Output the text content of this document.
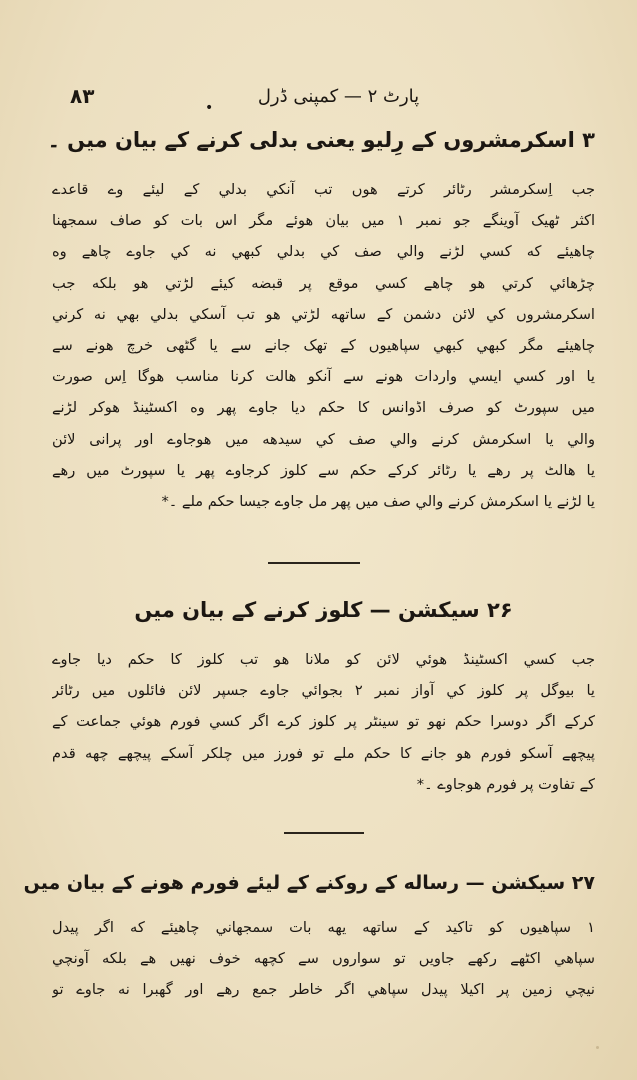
۸۳	پارٹ ۲ — کمپنی ڈرل
•
۳ اسکرمشروں کے رِلیو یعنی بدلی کرنے کے بیان میں ۔
جب اِسکرمشر رٹائر کرتے هوں تب آنکي بدلي کے لیئے وے قاعدے
اکثر ٹھیک آوینگے جو نمبر ۱ میں بیان هوئے مگر اس بات کو صاف سمجھنا
چاهیئے که کسي لڑنے والي صف کي بدلي کبھي نه کي جاوے چاهے وه
چڑهائي کرتي هو چاهے کسي موقع پر قبضه کیئے لڑتي هو بلکه جب
اسکرمشروں کي لائن دشمن کے ساتھه لڑتي هو تب آسکي بدلي بھي نه کرني
چاهیئے مگر کبھي کبھي سپاهیوں کے تھک جانے سے یا گٹھی خرچ هونے سے
یا اور کسي ایسي واردات هونے سے آنکو هالت کرنا مناسب هوگا اِس صورت
میں سپورٹ کو صرف اڈوانس کا حکم دیا جاوے پھر وه اکسٹینڈ هوکر لڑنے
والي یا اسکرمش کرنے والي صف کي سیدهه میں هوجاوے اور پرانی لائن
یا هالٹ پر رهے یا رٹائر کرکے حکم سے کلوز کرجاوے پھر یا سپورٹ میں رهے
یا لڑنے یا اسکرمش کرنے والي صف میں پھر مل جاوے جیسا حکم ملے ۔*
۲۶ سیکشن — کلوز کرنے کے بیان میں
جب کسي اکسٹینڈ هوئي لائن کو ملانا هو تب کلوز کا حکم دیا جاوے
یا بیوگل پر کلوز کي آواز نمبر ۲ بجوائي جاوے جسپر لائن فائلوں میں رٹائر
کرکے اگر دوسرا حکم نهو تو سینٹر پر کلوز کرے اگر کسي فورم هوئي جماعت کے
پیچھے آسکو فورم هو جانے کا حکم ملے تو فورز میں چلکر آسکے پیچھے چھه قدم
کے تفاوت پر فورم هوجاوے ۔*
۲۷ سیکشن — رساله کے روکنے کے لیئے فورم هونے کے بیان میں
۱ سپاهیوں کو تاکید کے ساتھه یهه بات سمجھاني چاهیئے که اگر پیدل
سپاهي اکٹھے رکھے جاویں تو سواروں سے کچھه خوف نهیں هے بلکه آونچي
نیچي زمین پر اکیلا پیدل سپاهي اگر خاطر جمع رهے اور گھبرا نه جاوے تو
